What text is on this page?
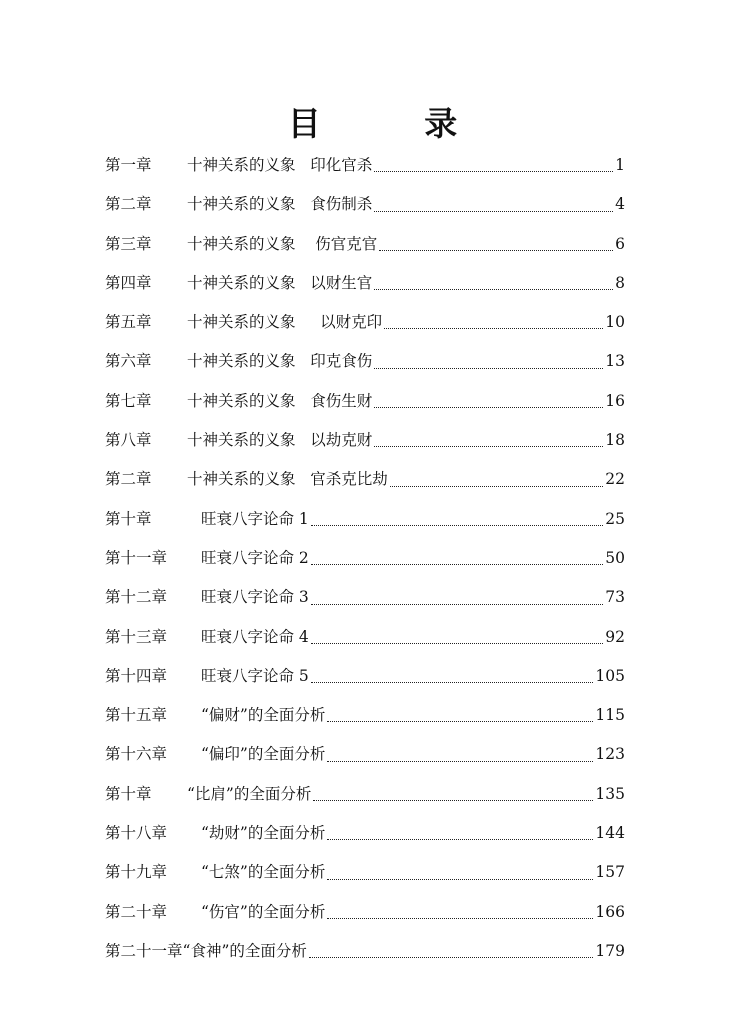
目 录
第一章	十神关系的义象   印化官杀	1
第二章	十神关系的义象   食伤制杀	4
第三章	十神关系的义象    伤官克官	6
第四章	十神关系的义象   以财生官	8
第五章	十神关系的义象     以财克印	10
第六章	十神关系的义象   印克食伤	13
第七章	十神关系的义象   食伤生财	16
第八章	十神关系的义象   以劫克财	18
第二章	十神关系的义象   官杀克比劫	22
第十章	旺衰八字论命 1	25
第十一章	旺衰八字论命 2	50
第十二章	旺衰八字论命 3	73
第十三章	旺衰八字论命 4	92
第十四章	旺衰八字论命 5	105
第十五章	“偏财”的全面分析	115
第十六章	“偏印”的全面分析	123
第十章	“比肩”的全面分析	135
第十八章	“劫财”的全面分析	144
第十九章	“七煞”的全面分析	157
第二十章	“伤官”的全面分析	166
第二十一章 “食神”的全面分析	179
